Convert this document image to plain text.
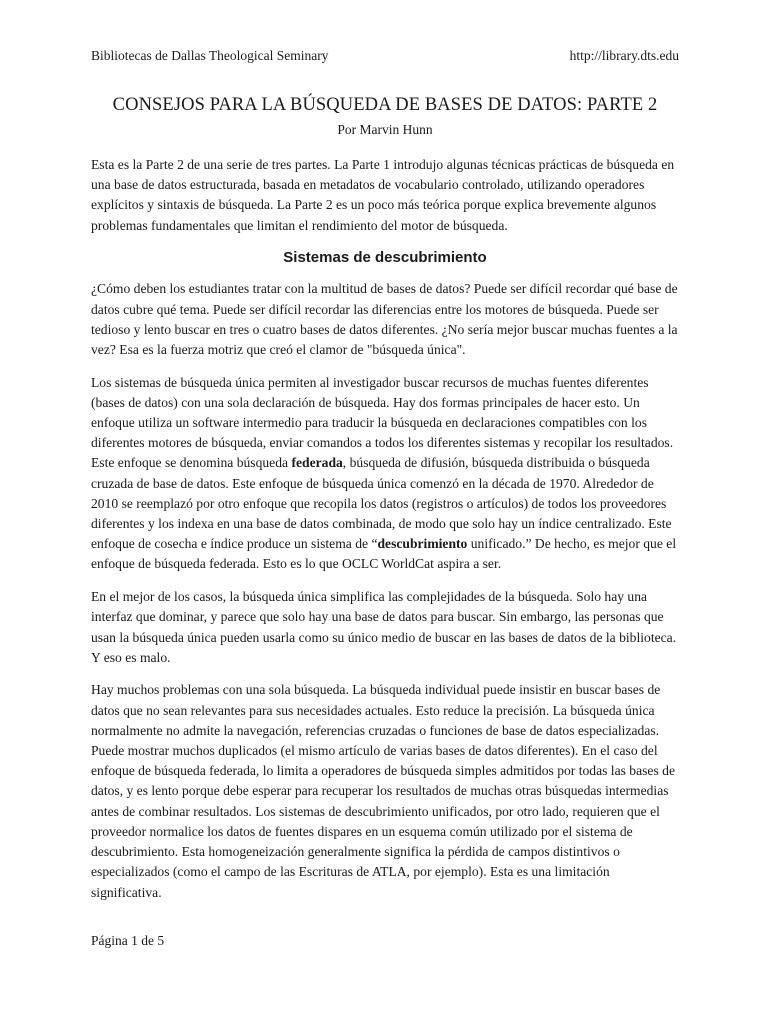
Bibliotecas de Dallas Theological Seminary	http://library.dts.edu
CONSEJOS PARA LA BÚSQUEDA DE BASES DE DATOS: PARTE 2
Por Marvin Hunn

Esta es la Parte 2 de una serie de tres partes. La Parte 1 introdujo algunas técnicas prácticas de búsqueda en una base de datos estructurada, basada en metadatos de vocabulario controlado, utilizando operadores explícitos y sintaxis de búsqueda. La Parte 2 es un poco más teórica porque explica brevemente algunos problemas fundamentales que limitan el rendimiento del motor de búsqueda.

Sistemas de descubrimiento

¿Cómo deben los estudiantes tratar con la multitud de bases de datos? Puede ser difícil recordar qué base de datos cubre qué tema. Puede ser difícil recordar las diferencias entre los motores de búsqueda. Puede ser tedioso y lento buscar en tres o cuatro bases de datos diferentes. ¿No sería mejor buscar muchas fuentes a la vez? Esa es la fuerza motriz que creó el clamor de "búsqueda única".

Los sistemas de búsqueda única permiten al investigador buscar recursos de muchas fuentes diferentes (bases de datos) con una sola declaración de búsqueda. Hay dos formas principales de hacer esto. Un enfoque utiliza un software intermedio para traducir la búsqueda en declaraciones compatibles con los diferentes motores de búsqueda, enviar comandos a todos los diferentes sistemas y recopilar los resultados. Este enfoque se denomina búsqueda federada, búsqueda de difusión, búsqueda distribuida o búsqueda cruzada de base de datos. Este enfoque de búsqueda única comenzó en la década de 1970. Alrededor de 2010 se reemplazó por otro enfoque que recopila los datos (registros o artículos) de todos los proveedores diferentes y los indexa en una base de datos combinada, de modo que solo hay un índice centralizado. Este enfoque de cosecha e índice produce un sistema de “descubrimiento unificado.” De hecho, es mejor que el enfoque de búsqueda federada. Esto es lo que OCLC WorldCat aspira a ser.

En el mejor de los casos, la búsqueda única simplifica las complejidades de la búsqueda. Solo hay una interfaz que dominar, y parece que solo hay una base de datos para buscar. Sin embargo, las personas que usan la búsqueda única pueden usarla como su único medio de buscar en las bases de datos de la biblioteca. Y eso es malo.

Hay muchos problemas con una sola búsqueda. La búsqueda individual puede insistir en buscar bases de datos que no sean relevantes para sus necesidades actuales. Esto reduce la precisión. La búsqueda única normalmente no admite la navegación, referencias cruzadas o funciones de base de datos especializadas. Puede mostrar muchos duplicados (el mismo artículo de varias bases de datos diferentes). En el caso del enfoque de búsqueda federada, lo limita a operadores de búsqueda simples admitidos por todas las bases de datos, y es lento porque debe esperar para recuperar los resultados de muchas otras búsquedas intermedias antes de combinar resultados. Los sistemas de descubrimiento unificados, por otro lado, requieren que el proveedor normalice los datos de fuentes dispares en un esquema común utilizado por el sistema de descubrimiento. Esta homogeneización generalmente significa la pérdida de campos distintivos o especializados (como el campo de las Escrituras de ATLA, por ejemplo). Esta es una limitación significativa.

Página 1 de 5
